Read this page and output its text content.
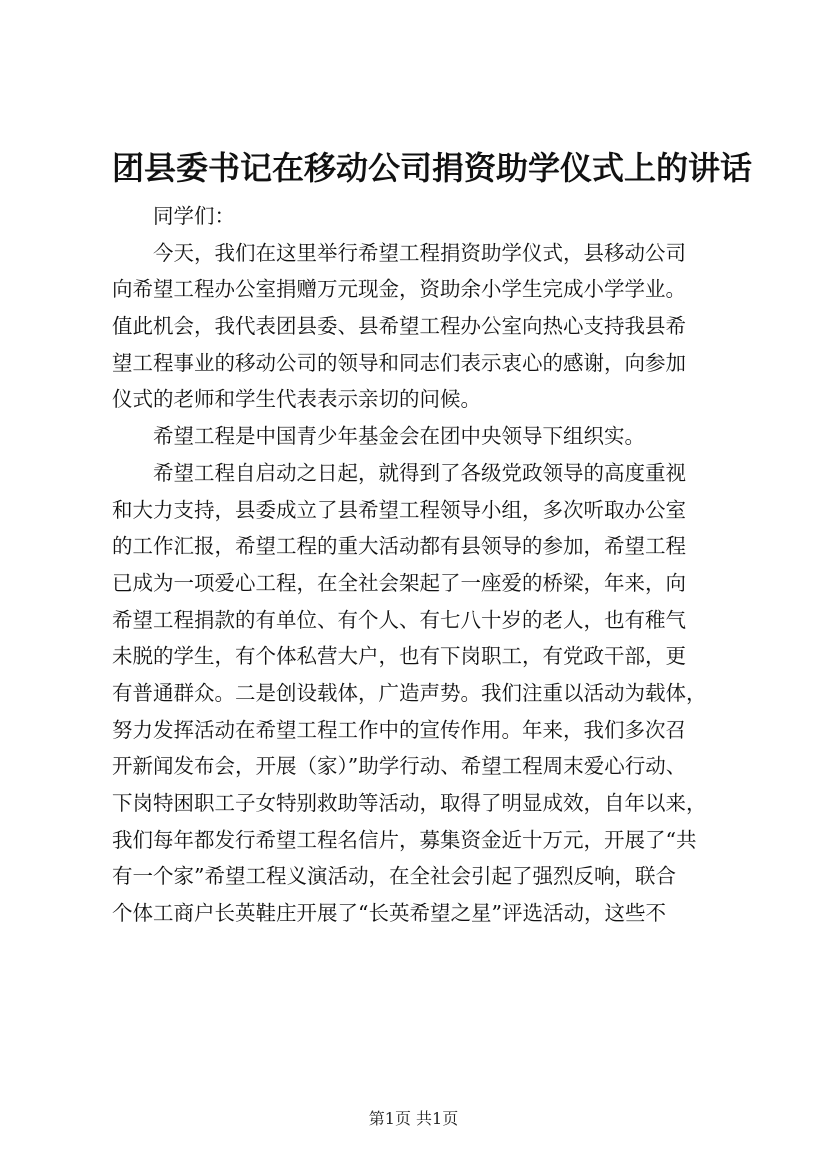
团县委书记在移动公司捐资助学仪式上的讲话
同学们：
今天，我们在这里举行希望工程捐资助学仪式，县移动公司
向希望工程办公室捐赠万元现金，资助余小学生完成小学学业。
值此机会，我代表团县委、县希望工程办公室向热心支持我县希
望工程事业的移动公司的领导和同志们表示衷心的感谢，向参加
仪式的老师和学生代表表示亲切的问候。
希望工程是中国青少年基金会在团中央领导下组织实。
希望工程自启动之日起，就得到了各级党政领导的高度重视
和大力支持，县委成立了县希望工程领导小组，多次听取办公室
的工作汇报，希望工程的重大活动都有县领导的参加，希望工程
已成为一项爱心工程，在全社会架起了一座爱的桥梁，年来，向
希望工程捐款的有单位、有个人、有七八十岁的老人，也有稚气
未脱的学生，有个体私营大户，也有下岗职工，有党政干部，更
有普通群众。二是创设载体，广造声势。我们注重以活动为载体，
努力发挥活动在希望工程工作中的宣传作用。年来，我们多次召
开新闻发布会，开展（家）”助学行动、希望工程周末爱心行动、
下岗特困职工子女特别救助等活动，取得了明显成效，自年以来，
我们每年都发行希望工程名信片，募集资金近十万元，开展了“共
有一个家”希望工程义演活动，在全社会引起了强烈反响，联合
个体工商户长英鞋庄开展了“长英希望之星”评选活动，这些不
第1页 共1页
